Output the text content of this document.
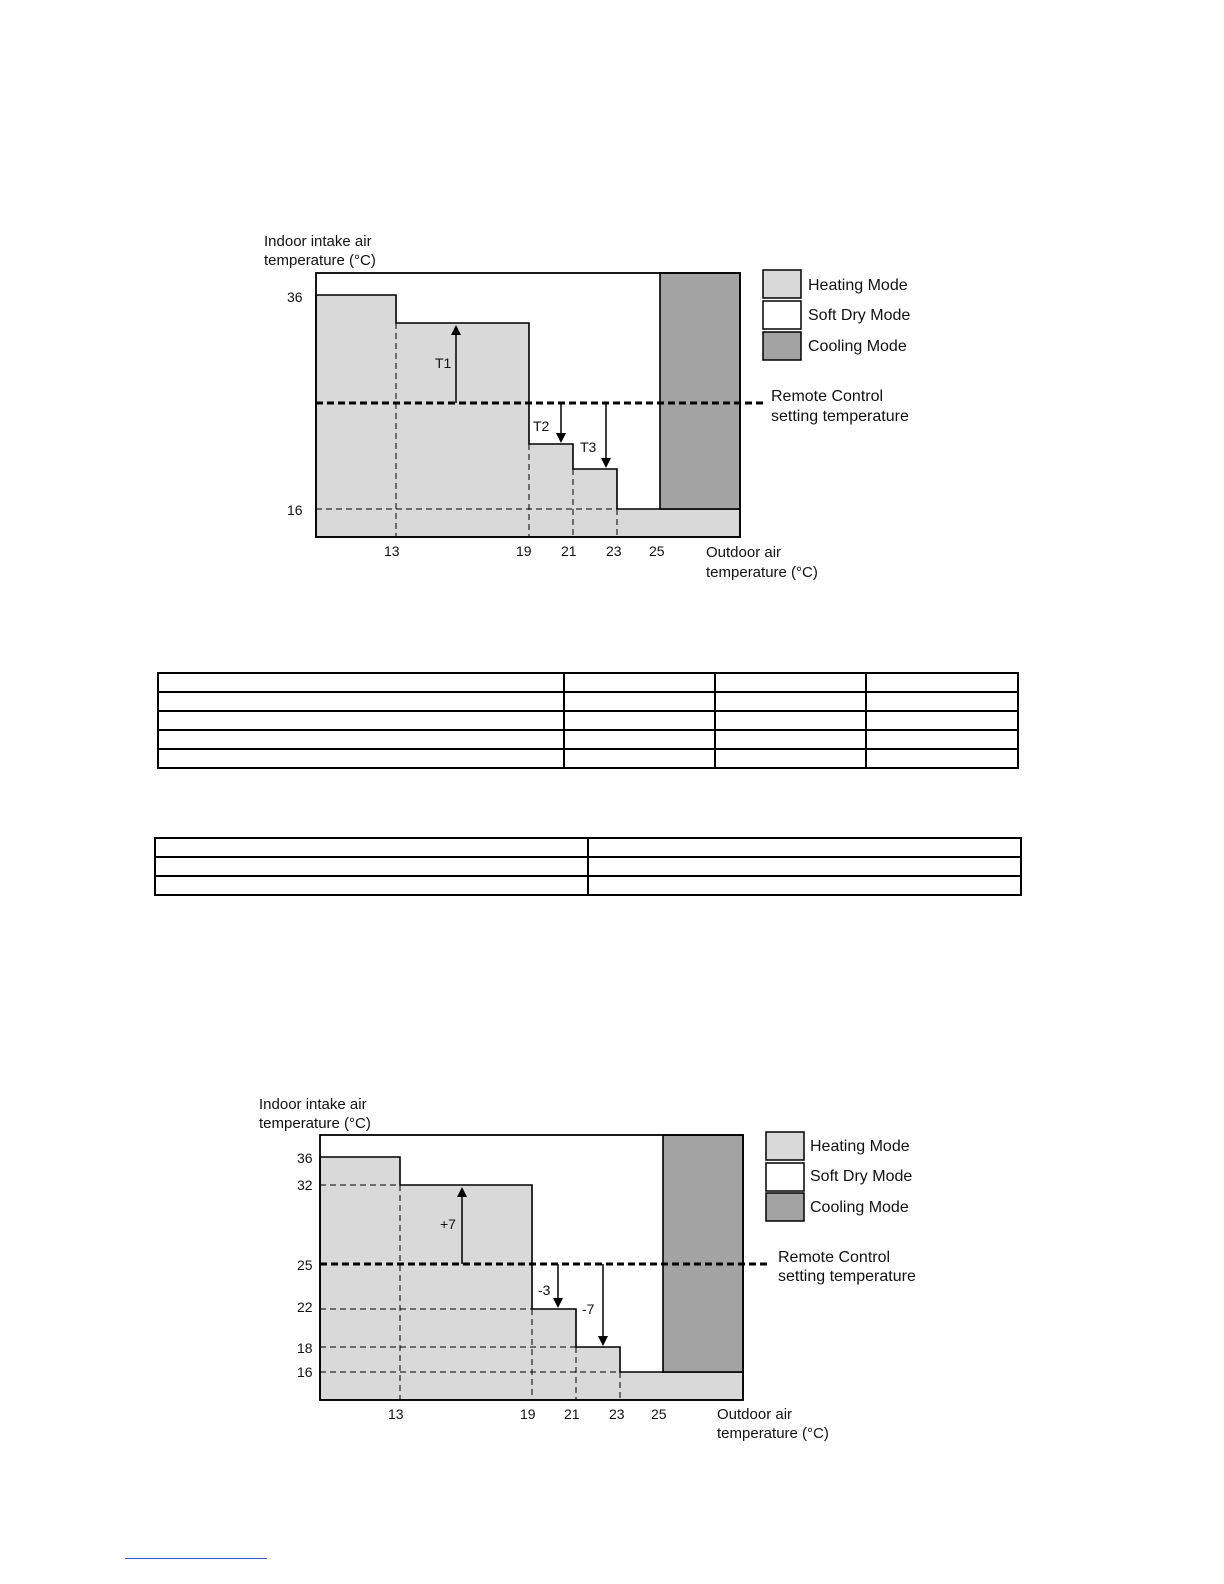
Indoor intake air
temperature (°C)
T1
T2
T3
36
16
13	19 21 23 25	Outdoor air
temperature (°C)
Heating Mode
Soft Dry Mode
Cooling Mode
Remote Control
setting temperature
Indoor intake air
temperature (°C)
+7
-3
-7
36
32
25
22
18
16
13	19 21 23 25	Outdoor air
temperature (°C)
Heating Mode
Soft Dry Mode
Cooling Mode
Remote Control
setting temperature
